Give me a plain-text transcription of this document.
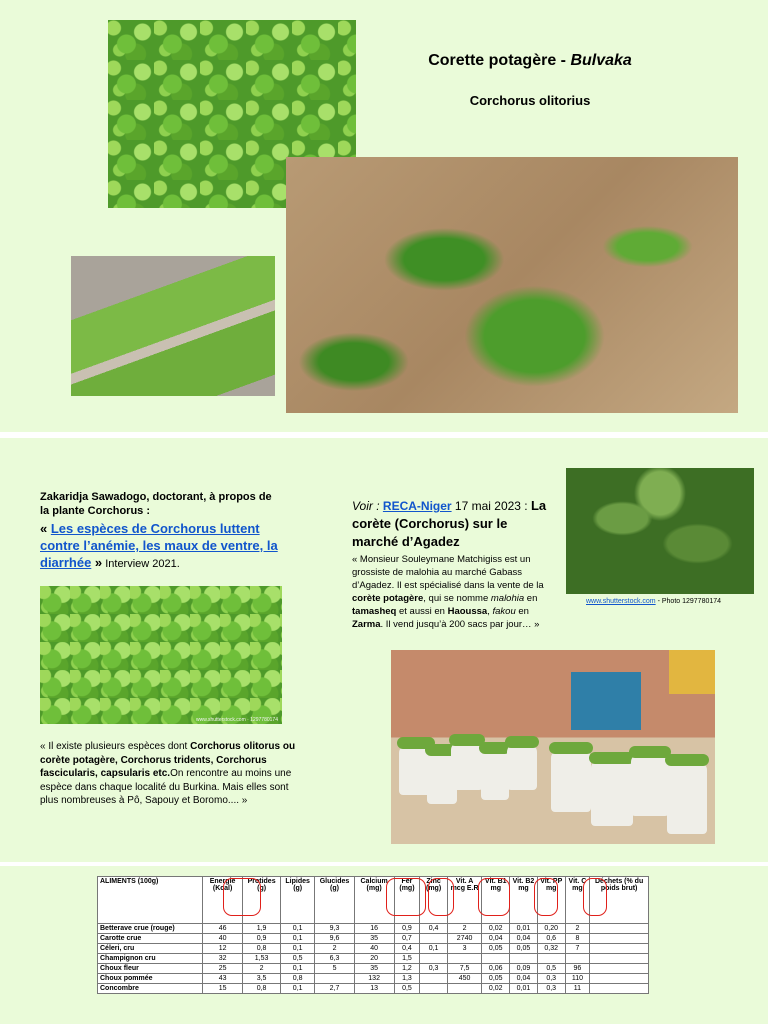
Corette potagère - Bulvaka
Corchorus olitorius
Zakaridja Sawadogo, doctorant, à propos de la plante Corchorus :
« Les espèces de Corchorus luttent contre l’anémie, les maux de ventre, la diarrhée » Interview 2021.
www.shutterstock.com · 1297780174
« Il existe plusieurs espèces dont Corchorus olitorus ou corète potagère, Corchorus tridents, Corchorus fascicularis, capsularis etc.On rencontre au moins une espèce dans chaque localité du Burkina. Mais elles sont plus nombreuses à Pô, Sapouy et Boromo.... »
Voir : RECA-Niger 17 mai 2023 : La corète (Corchorus) sur le marché d’Agadez
« Monsieur Souleymane Matchigiss est un grossiste de malohia au marché Gabass d’Agadez. Il est spécialisé dans la vente de la corète potagère, qui se nomme malohia en tamasheq et aussi en Haoussa, fakou en Zarma. Il vend jusqu’à 200 sacs par jour… »
www.shutterstock.com - Photo 1297780174
ALIMENTS (100g)	Energie (Kcal)	Protides (g)	Lipides (g)	Glucides (g)	Calcium (mg)	Fer (mg)	Zinc (mg)	Vit. A mcg E.R	Vit. B1 mg	Vit. B2 mg	Vit. PP mg	Vit. C mg	Déchets (% du poids brut)
Betterave crue (rouge)	46	1,9	0,1	9,3	16	0,9	0,4	2	0,02	0,01	0,20	2	
Carotte crue	40	0,9	0,1	9,6	35	0,7		2740	0,04	0,04	0,6	8	
Céleri, cru	12	0,8	0,1	2	40	0,4	0,1	3	0,05	0,05	0,32	7	
Champignon cru	32	1,53	0,5	6,3	20	1,5							
Choux fleur	25	2	0,1	5	35	1,2	0,3	7,5	0,06	0,09	0,5	96	
Choux pommée	43	3,5	0,8		132	1,3		450	0,05	0,04	0,3	110	
Concombre	15	0,8	0,1	2,7	13	0,5			0,02	0,01	0,3	11	
